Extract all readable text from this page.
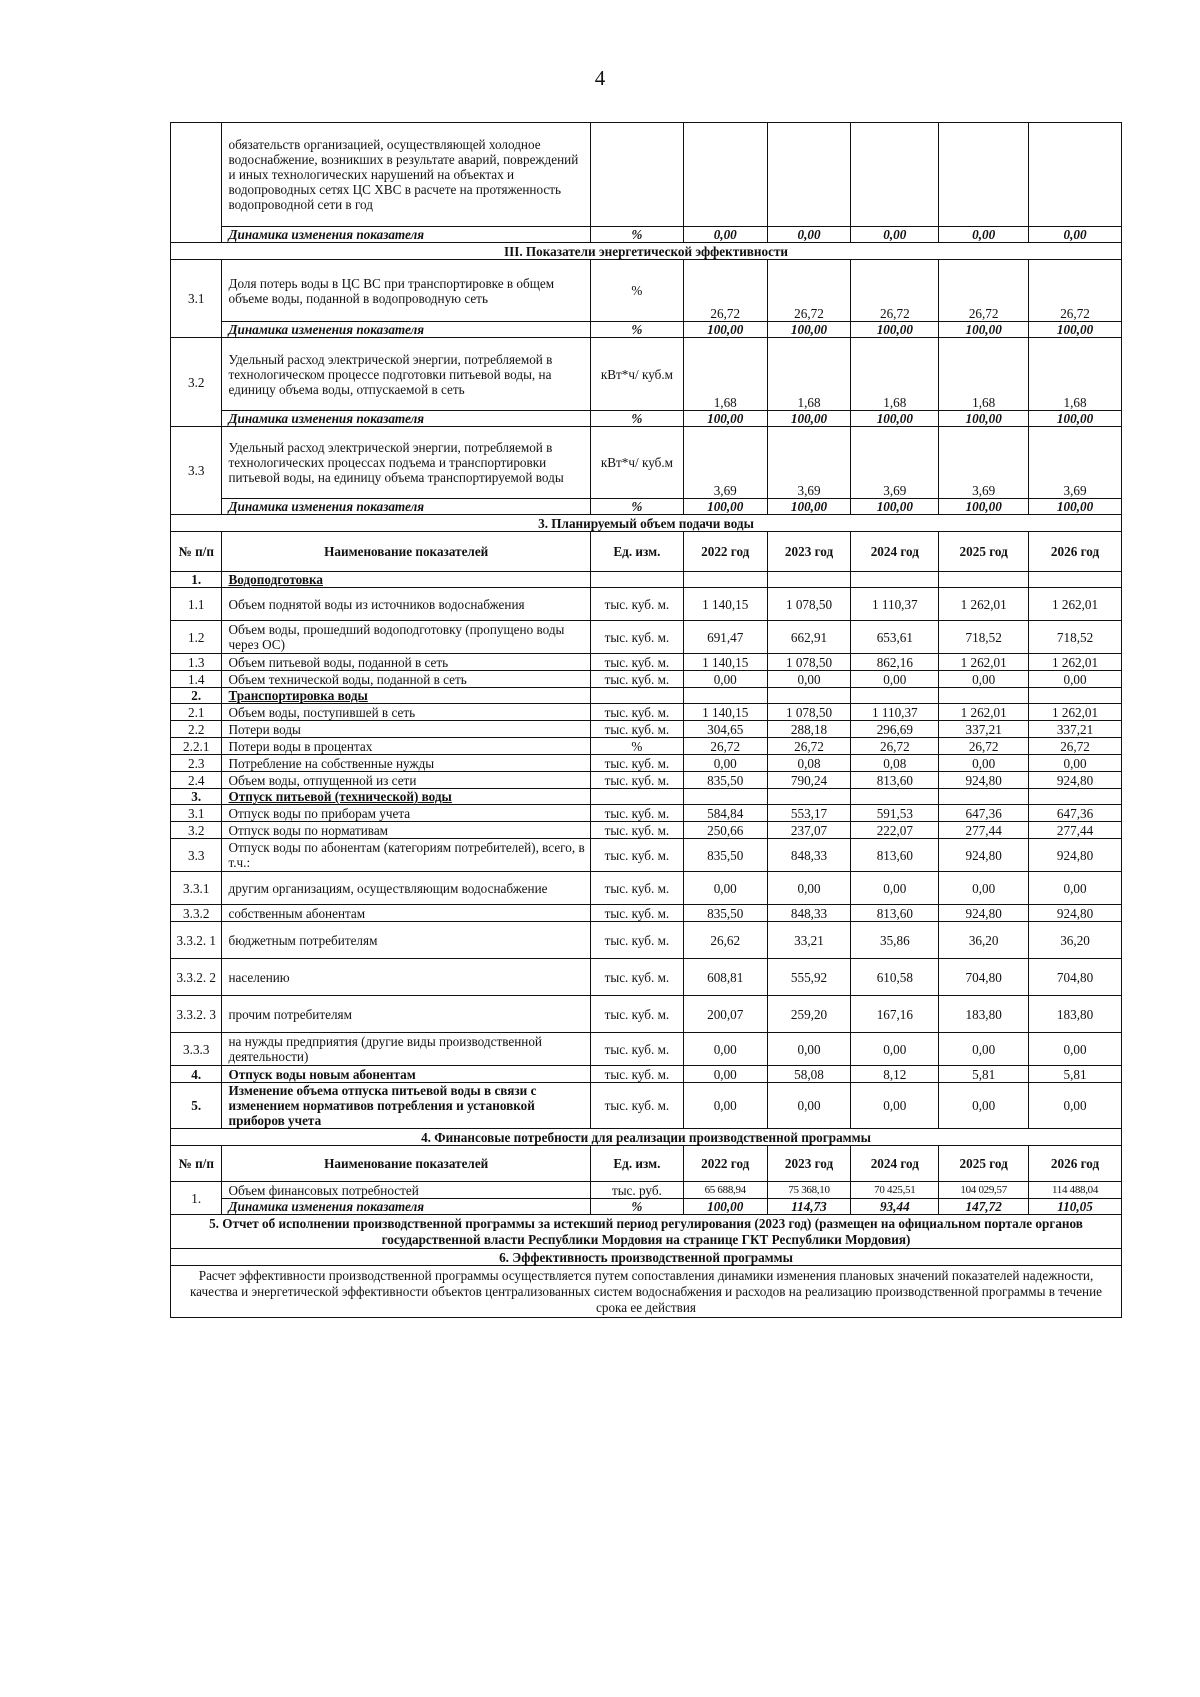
4
	обязательств организацией, осуществляющей холодное водоснабжение, возникших в результате аварий, повреждений и иных технологических нарушений на объектах и водопроводных сетях ЦС ХВС в расчете на протяженность водопроводной сети в год						
	Динамика изменения показателя	%	0,00	0,00	0,00	0,00	0,00
III. Показатели энергетической эффективности							
3.1	Доля потерь воды в ЦС ВС при транспортировке в общем объеме воды, поданной в водопроводную сеть	%	26,72	26,72	26,72	26,72	26,72
	Динамика изменения показателя	%	100,00	100,00	100,00	100,00	100,00
3.2	Удельный расход электрической энергии, потребляемой в технологическом процессе подготовки питьевой воды, на единицу объема воды, отпускаемой в сеть	кВт*ч/ куб.м	1,68	1,68	1,68	1,68	1,68
	Динамика изменения показателя	%	100,00	100,00	100,00	100,00	100,00
3.3	Удельный расход электрической энергии, потребляемой в технологических процессах подъема и транспортировки питьевой воды, на единицу объема транспортируемой воды	кВт*ч/ куб.м	3,69	3,69	3,69	3,69	3,69
	Динамика изменения показателя	%	100,00	100,00	100,00	100,00	100,00
3. Планируемый объем подачи воды							
№ п/п	Наименование показателей	Ед. изм.	2022 год	2023 год	2024 год	2025 год	2026 год
1.	Водоподготовка						
1.1	Объем поднятой воды из источников водоснабжения	тыс. куб. м.	1 140,15	1 078,50	1 110,37	1 262,01	1 262,01
1.2	Объем воды, прошедший водоподготовку (пропущено воды через ОС)	тыс. куб. м.	691,47	662,91	653,61	718,52	718,52
1.3	Объем питьевой воды, поданной в сеть	тыс. куб. м.	1 140,15	1 078,50	862,16	1 262,01	1 262,01
1.4	Объем технической воды, поданной в сеть	тыс. куб. м.	0,00	0,00	0,00	0,00	0,00
2.	Транспортировка воды						
2.1	Объем воды, поступившей в сеть	тыс. куб. м.	1 140,15	1 078,50	1 110,37	1 262,01	1 262,01
2.2	Потери воды	тыс. куб. м.	304,65	288,18	296,69	337,21	337,21
2.2.1	Потери воды в процентах	%	26,72	26,72	26,72	26,72	26,72
2.3	Потребление на собственные нужды	тыс. куб. м.	0,00	0,08	0,08	0,00	0,00
2.4	Объем воды, отпущенной из сети	тыс. куб. м.	835,50	790,24	813,60	924,80	924,80
3.	Отпуск питьевой (технической) воды						
3.1	Отпуск воды по приборам учета	тыс. куб. м.	584,84	553,17	591,53	647,36	647,36
3.2	Отпуск воды по нормативам	тыс. куб. м.	250,66	237,07	222,07	277,44	277,44
3.3	Отпуск воды по абонентам (категориям потребителей), всего, в т.ч.:	тыс. куб. м.	835,50	848,33	813,60	924,80	924,80
3.3.1	другим организациям, осуществляющим водоснабжение	тыс. куб. м.	0,00	0,00	0,00	0,00	0,00
3.3.2	собственным абонентам	тыс. куб. м.	835,50	848,33	813,60	924,80	924,80
3.3.2. 1	бюджетным потребителям	тыс. куб. м.	26,62	33,21	35,86	36,20	36,20
3.3.2. 2	населению	тыс. куб. м.	608,81	555,92	610,58	704,80	704,80
3.3.2. 3	прочим потребителям	тыс. куб. м.	200,07	259,20	167,16	183,80	183,80
3.3.3	на нужды предприятия (другие виды производственной деятельности)	тыс. куб. м.	0,00	0,00	0,00	0,00	0,00
4.	Отпуск воды новым абонентам	тыс. куб. м.	0,00	58,08	8,12	5,81	5,81
5.	Изменение объема отпуска питьевой воды в связи с изменением нормативов потребления и установкой приборов учета	тыс. куб. м.	0,00	0,00	0,00	0,00	0,00
4. Финансовые потребности для реализации производственной программы							
№ п/п	Наименование показателей	Ед. изм.	2022 год	2023 год	2024 год	2025 год	2026 год
1.	Объем финансовых потребностей	тыс. руб.	65 688,94	75 368,10	70 425,51	104 029,57	114 488,04
	Динамика изменения показателя	%	100,00	114,73	93,44	147,72	110,05
5. Отчет об исполнении производственной программы за истекший период регулирования (2023 год) (размещен на официальном портале органов государственной власти Республики Мордовия на странице ГКТ Республики Мордовия)							
6. Эффективность производственной программы							
Расчет эффективности производственной программы осуществляется путем сопоставления динамики изменения плановых значений показателей надежности, качества и энергетической эффективности объектов централизованных систем водоснабжения и расходов на реализацию производственной программы в течение срока ее действия							
